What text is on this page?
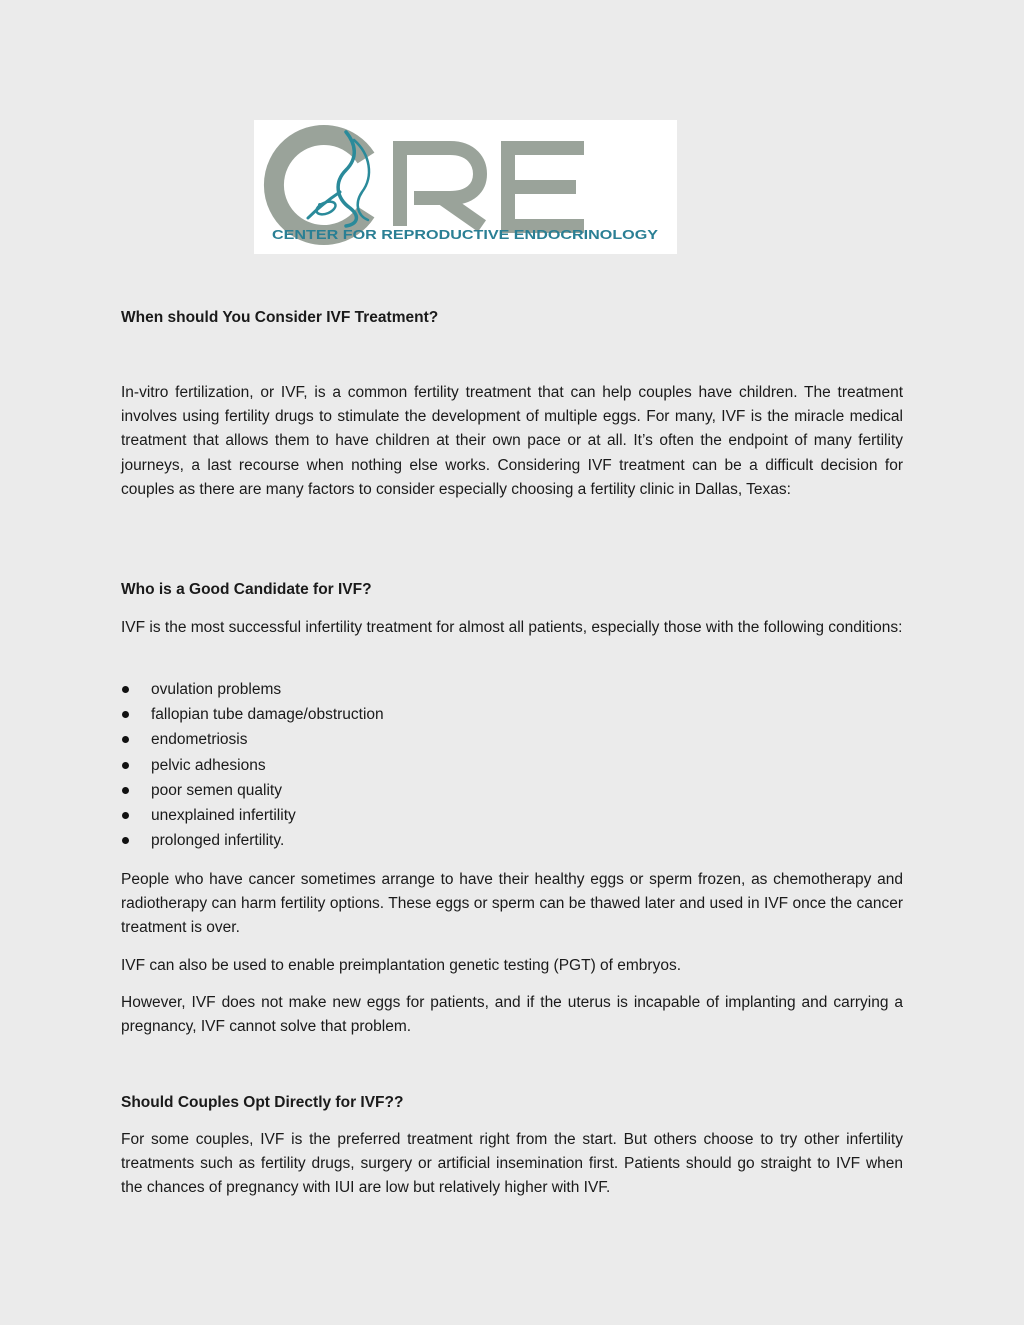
CENTER FOR REPRODUCTIVE ENDOCRINOLOGY
When should You Consider IVF Treatment?

In-vitro fertilization, or IVF, is a common fertility treatment that can help couples have children. The treatment involves using fertility drugs to stimulate the development of multiple eggs. For many, IVF is the miracle medical treatment that allows them to have children at their own pace or at all. It’s often the endpoint of many fertility journeys, a last recourse when nothing else works. Considering IVF treatment can be a difficult decision for couples as there are many factors to consider especially choosing a fertility clinic in Dallas, Texas:

Who is a Good Candidate for IVF?

IVF is the most successful infertility treatment for almost all patients, especially those with the following conditions:

ovulation problems
fallopian tube damage/obstruction
endometriosis
pelvic adhesions
poor semen quality
unexplained infertility
prolonged infertility.

People who have cancer sometimes arrange to have their healthy eggs or sperm frozen, as chemotherapy and radiotherapy can harm fertility options. These eggs or sperm can be thawed later and used in IVF once the cancer treatment is over.

IVF can also be used to enable preimplantation genetic testing (PGT) of embryos.

However, IVF does not make new eggs for patients, and if the uterus is incapable of implanting and carrying a pregnancy, IVF cannot solve that problem.

Should Couples Opt Directly for IVF??

For some couples, IVF is the preferred treatment right from the start. But others choose to try other infertility treatments such as fertility drugs, surgery or artificial insemination first. Patients should go straight to IVF when the chances of pregnancy with IUI are low but relatively higher with IVF.
